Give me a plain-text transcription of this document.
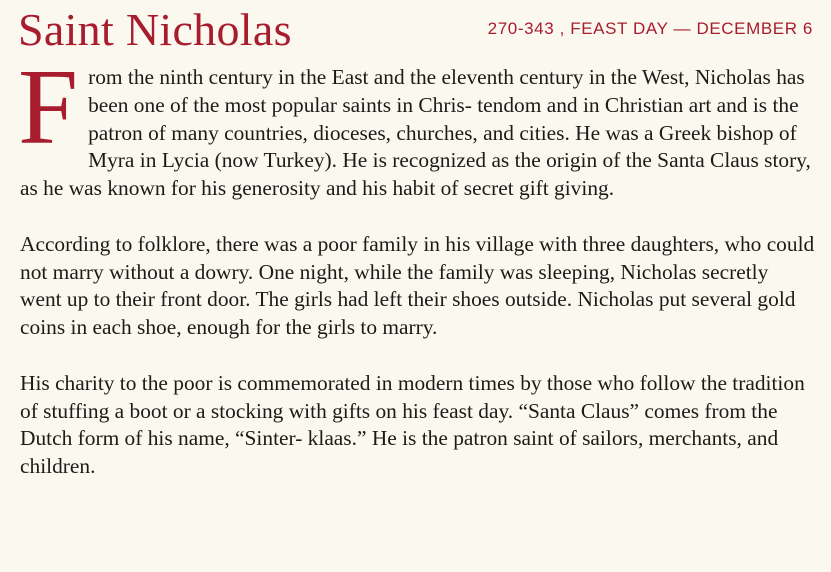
Saint Nicholas	270-343 , FEAST DAY — DECEMBER 6

From the ninth century in the East and the eleventh century in the West, Nicholas has been one of the most popular saints in Chris- tendom and in Christian art and is the patron of many countries, dioceses, churches, and cities. He was a Greek bishop of Myra in Lycia (now Turkey). He is recognized as the origin of the Santa Claus story, as he was known for his generosity and his habit of secret gift giving.

According to folklore, there was a poor family in his village with three daughters, who could not marry without a dowry. One night, while the family was sleeping, Nicholas secretly went up to their front door. The girls had left their shoes outside. Nicholas put several gold coins in each shoe, enough for the girls to marry.

His charity to the poor is commemorated in modern times by those who follow the tradition of stuffing a boot or a stocking with gifts on his feast day. “Santa Claus” comes from the Dutch form of his name, “Sinter- klaas.” He is the patron saint of sailors, merchants, and children.
